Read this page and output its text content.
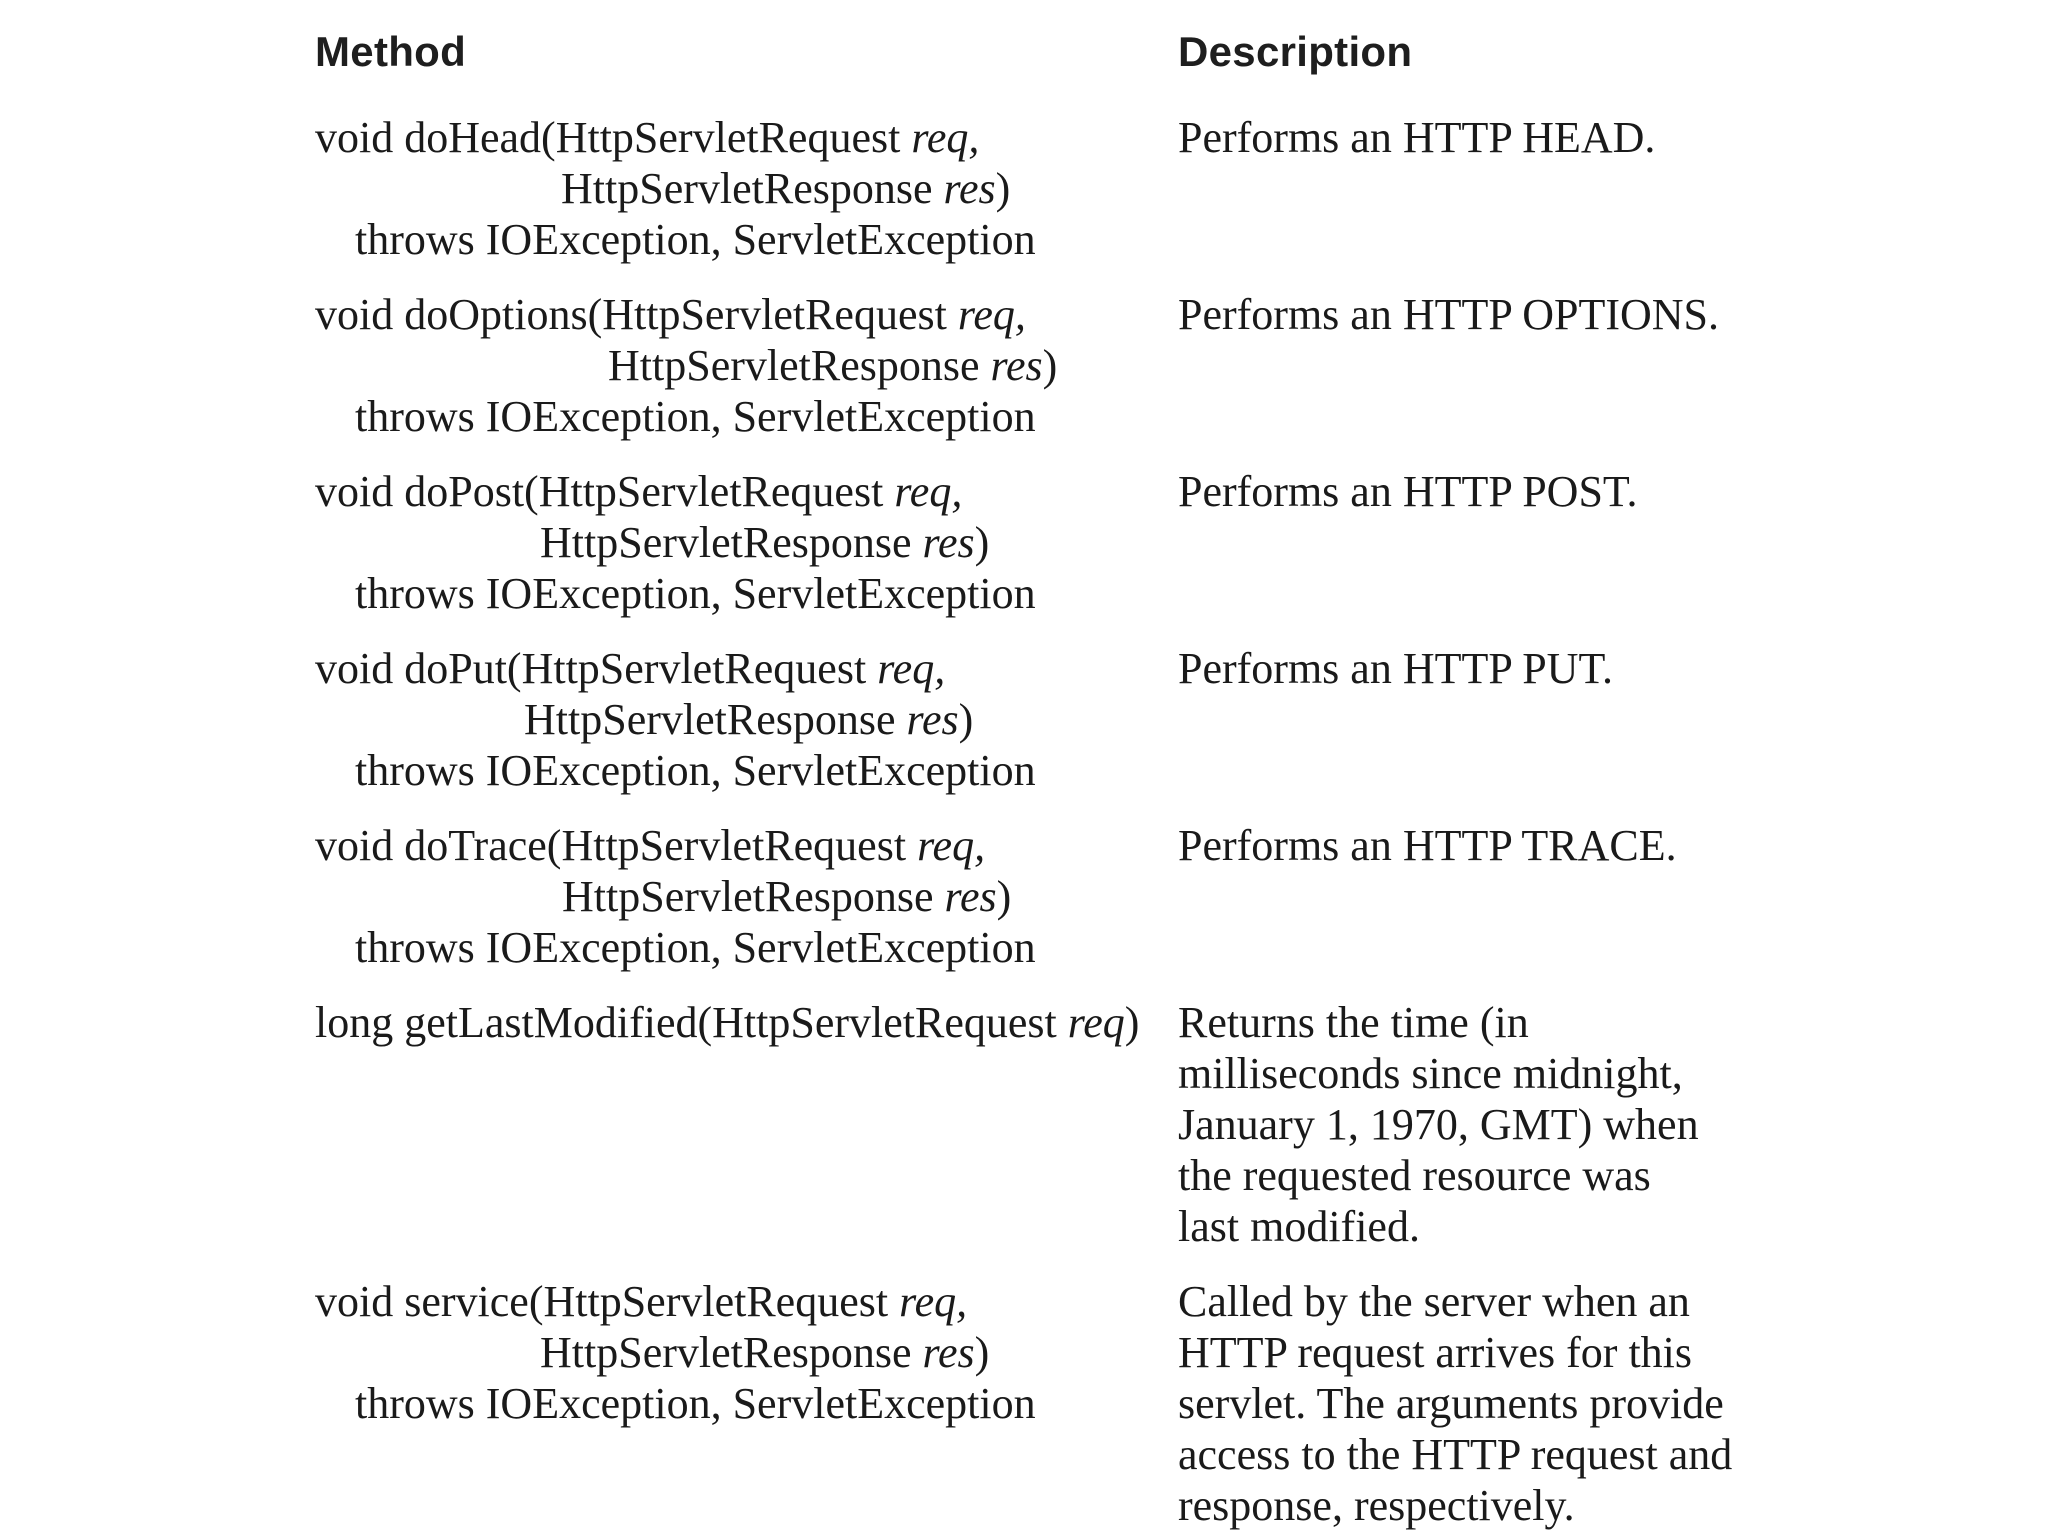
Method	Description
void doHead(HttpServletRequest req,
HttpServletResponse res)
throws IOException, ServletException
Performs an HTTP HEAD.
void doOptions(HttpServletRequest req,
HttpServletResponse res)
throws IOException, ServletException
Performs an HTTP OPTIONS.
void doPost(HttpServletRequest req,
HttpServletResponse res)
throws IOException, ServletException
Performs an HTTP POST.
void doPut(HttpServletRequest req,
HttpServletResponse res)
throws IOException, ServletException
Performs an HTTP PUT.
void doTrace(HttpServletRequest req,
HttpServletResponse res)
throws IOException, ServletException
Performs an HTTP TRACE.
long getLastModified(HttpServletRequest req) Returns the time (in
milliseconds since midnight,
January 1, 1970, GMT) when
the requested resource was
last modified.
void service(HttpServletRequest req,
HttpServletResponse res)
throws IOException, ServletException
Called by the server when an
HTTP request arrives for this
servlet. The arguments provide
access to the HTTP request and
response, respectively.
